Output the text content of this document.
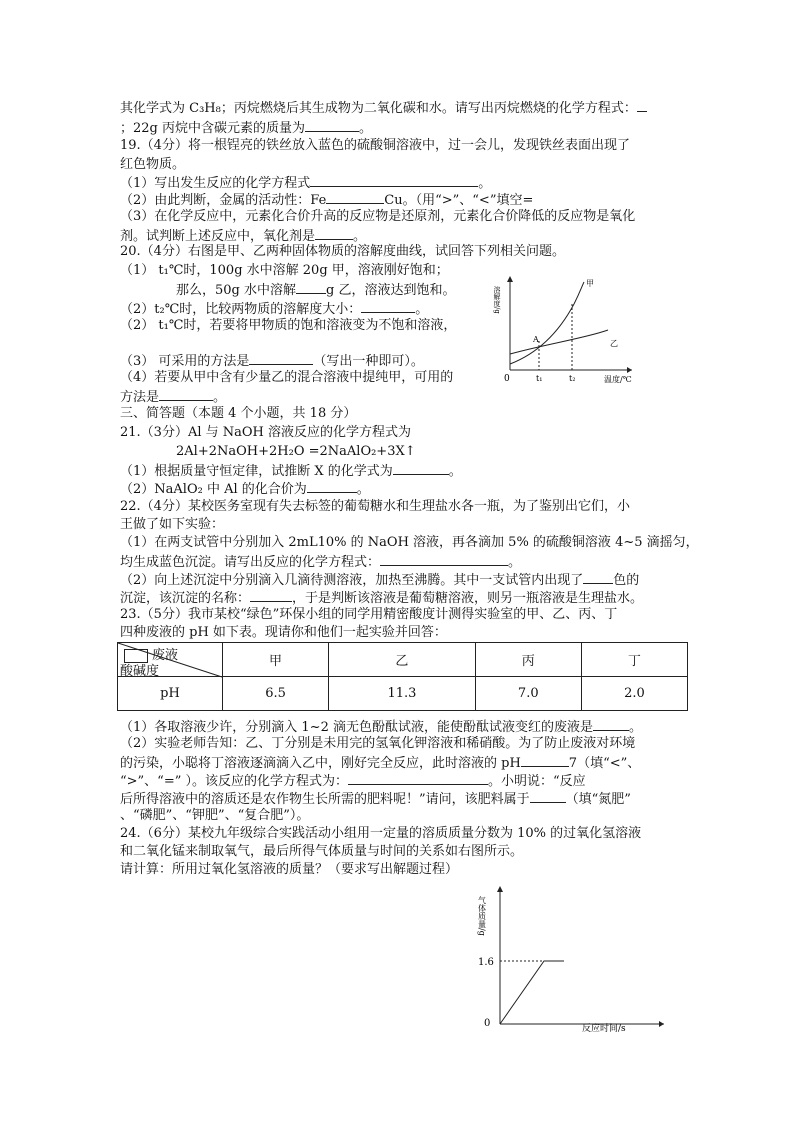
其化学式为 C₃H₈；丙烷燃烧后其生成物为二氧化碳和水。请写出丙烷燃烧的化学方程式：
；22g 丙烷中含碳元素的质量为	。
19.（4分）将一根锃亮的铁丝放入蓝色的硫酸铜溶液中，过一会儿，发现铁丝表面出现了
红色物质。
（1）写出发生反应的化学方程式	。
（2）由此判断，金属的活动性：Fe	Cu。（用“>”、“<”填空=
（3）在化学反应中，元素化合价升高的反应物是还原剂，元素化合价降低的反应物是氧化
剂。试判断上述反应中，氧化剂是	。
20.（4分）右图是甲、乙两种固体物质的溶解度曲线，试回答下列相关问题。
（1） t₁℃时，100g 水中溶解 20g 甲，溶液刚好饱和；
那么，50g 水中溶解 g 乙，溶液达到饱和。
（2）t₂℃时，比较两物质的溶解度大小：	。
（2） t₁℃时，若要将甲物质的饱和溶液变为不饱和溶液，
（3） 可采用的方法是	（写出一种即可）。
（4）若要从甲中含有少量乙的混合溶液中提纯甲，可用的
方法是	。
三、简答题（本题 4 个小题，共 18 分）
21.（3分）Al 与 NaOH 溶液反应的化学方程式为
2Al+2NaOH+2H₂O =2NaAlO₂+3X↑
（1）根据质量守恒定律，试推断 X 的化学式为	。
（2）NaAlO₂ 中 Al 的化合价为	。
22.（4分）某校医务室现有失去标签的葡萄糖水和生理盐水各一瓶，为了鉴别出它们，小
王做了如下实验：
（1）在两支试管中分别加入 2mL10% 的 NaOH 溶液，再各滴加 5% 的硫酸铜溶液 4~5 滴摇匀，
均生成蓝色沉淀。请写出反应的化学方程式：	。
（2）向上述沉淀中分别滴入几滴待测溶液，加热至沸腾。其中一支试管内出现了 色的
沉淀，该沉淀的名称：	，于是判断该溶液是葡萄糖溶液，则另一瓶溶液是生理盐水。
23.（5分）我市某校“绿色”环保小组的同学用精密酸度计测得实验室的甲、乙、丙、丁
四种废液的 pH 如下表。现请你和他们一起实验并回答：
废液
酸碱度	甲	乙	丙	丁
pH	6.5	11.3	7.0	2.0
（1）各取溶液少许，分别滴入 1~2 滴无色酚酞试液，能使酚酞试液变红的废液是	。
（2）实验老师告知：乙、丁分别是未用完的氢氧化钾溶液和稀硝酸。为了防止废液对环境
的污染，小聪将丁溶液逐滴滴入乙中，刚好完全反应，此时溶液的 pH	7（填“<”、
“>”、“=” ）。该反应的化学方程式为：	。小明说：“反应
后所得溶液中的溶质还是农作物生长所需的肥料呢！”请问，该肥料属于	（填“氮肥”
、“磷肥”、“钾肥”、“复合肥”）。
24.（6分）某校九年级综合实践活动小组用一定量的溶质质量分数为 10% 的过氧化氢溶液
和二氧化锰来制取氧气，最后所得气体质量与时间的关系如右图所示。
请计算：所用过氧化氢溶液的质量？（要求写出解题过程）
溶解度/g
温度/℃
0	t₁	t₂
甲
乙
A
气体质量/g
反应时间/s
0
1.6
